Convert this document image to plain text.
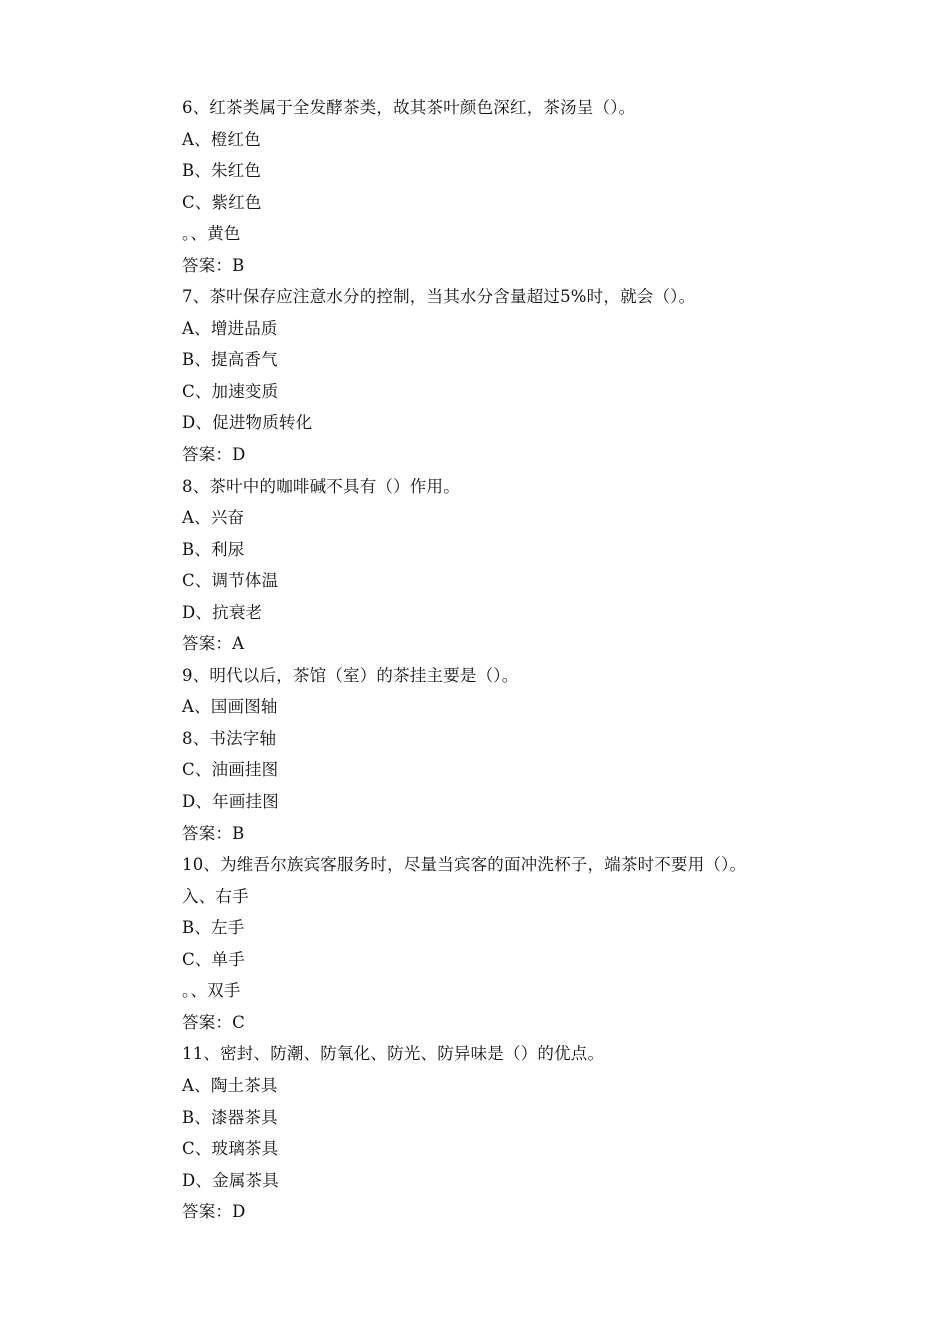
6、红茶类属于全发酵茶类，故其茶叶颜色深红，茶汤呈（）。
A、橙红色
B、朱红色
C、紫红色
。、黄色
答案：B
7、茶叶保存应注意水分的控制，当其水分含量超过5%时，就会（）。
A、增进品质
B、提高香气
C、加速变质
D、促进物质转化
答案：D
8、茶叶中的咖啡碱不具有（）作用。
A、兴奋
B、利尿
C、调节体温
D、抗衰老
答案：A
9、明代以后，茶馆（室）的茶挂主要是（）。
A、国画图轴
8、书法字轴
C、油画挂图
D、年画挂图
答案：B
10、为维吾尔族宾客服务时，尽量当宾客的面冲洗杯子，端茶时不要用（）。
入、右手
B、左手
C、单手
。、双手
答案：C
11、密封、防潮、防氧化、防光、防异味是（）的优点。
A、陶土茶具
B、漆器茶具
C、玻璃茶具
D、金属茶具
答案：D
